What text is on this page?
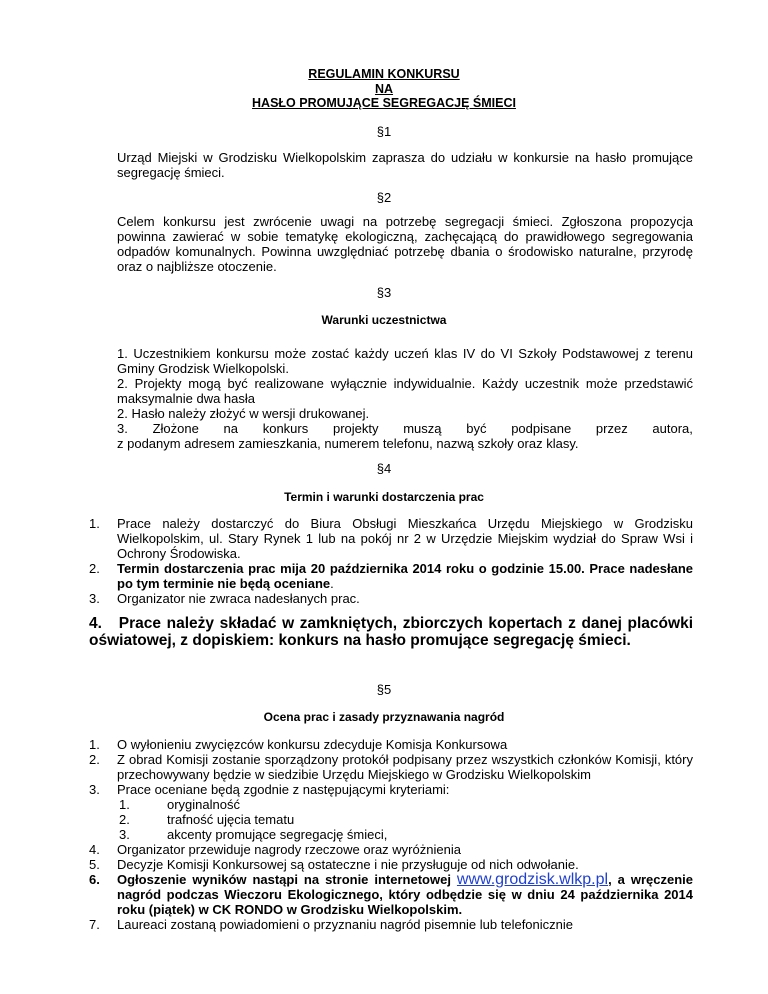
REGULAMIN KONKURSU
NA
HASŁO PROMUJĄCE SEGREGACJĘ ŚMIECI
§1
Urząd Miejski w Grodzisku Wielkopolskim zaprasza do udziału w konkursie na hasło promujące segregację śmieci.
§2
Celem konkursu jest zwrócenie uwagi na potrzebę segregacji śmieci. Zgłoszona propozycja powinna zawierać w sobie tematykę ekologiczną, zachęcającą do prawidłowego segregowania odpadów komunalnych. Powinna uwzględniać potrzebę dbania o środowisko naturalne, przyrodę oraz o najbliższe otoczenie.
§3
Warunki uczestnictwa
1. Uczestnikiem konkursu może zostać każdy uczeń klas IV do VI Szkoły Podstawowej z terenu Gminy Grodzisk Wielkopolski.
2. Projekty mogą być realizowane wyłącznie indywidualnie. Każdy uczestnik może przedstawić maksymalnie dwa hasła
2. Hasło należy złożyć w wersji drukowanej.
3. Złożone na konkurs projekty muszą być podpisane przez autora,
z podanym adresem zamieszkania, numerem telefonu, nazwą szkoły oraz klasy.
§4
Termin i warunki dostarczenia prac
1. Prace należy dostarczyć do Biura Obsługi Mieszkańca Urzędu Miejskiego w Grodzisku Wielkopolskim, ul. Stary Rynek 1 lub na pokój nr 2 w Urzędzie Miejskim wydział do Spraw Wsi i Ochrony Środowiska.
2. Termin dostarczenia prac mija 20 października 2014 roku o godzinie 15.00. Prace nadesłane po tym terminie nie będą oceniane.
3. Organizator nie zwraca nadesłanych prac.
4. Prace należy składać w zamkniętych, zbiorczych kopertach z danej placówki oświatowej, z dopiskiem: konkurs na hasło promujące segregację śmieci.
§5
Ocena prac i zasady przyznawania nagród
1. O wyłonieniu zwycięzców konkursu zdecyduje Komisja Konkursowa
2. Z obrad Komisji zostanie sporządzony protokół podpisany przez wszystkich członków Komisji, który przechowywany będzie w siedzibie Urzędu Miejskiego w Grodzisku Wielkopolskim
3. Prace oceniane będą zgodnie z następującymi kryteriami:
1.	oryginalność
2.	trafność ujęcia tematu
3.	akcenty promujące segregację śmieci,
4. Organizator przewiduje nagrody rzeczowe oraz wyróżnienia
5. Decyzje Komisji Konkursowej są ostateczne i nie przysługuje od nich odwołanie.
6. Ogłoszenie wyników nastąpi na stronie internetowej www.grodzisk.wlkp.pl, a wręczenie nagród podczas Wieczoru Ekologicznego, który odbędzie się w dniu 24 października 2014 roku (piątek) w CK RONDO w Grodzisku Wielkopolskim.
7. Laureaci zostaną powiadomieni o przyznaniu nagród pisemnie lub telefonicznie
